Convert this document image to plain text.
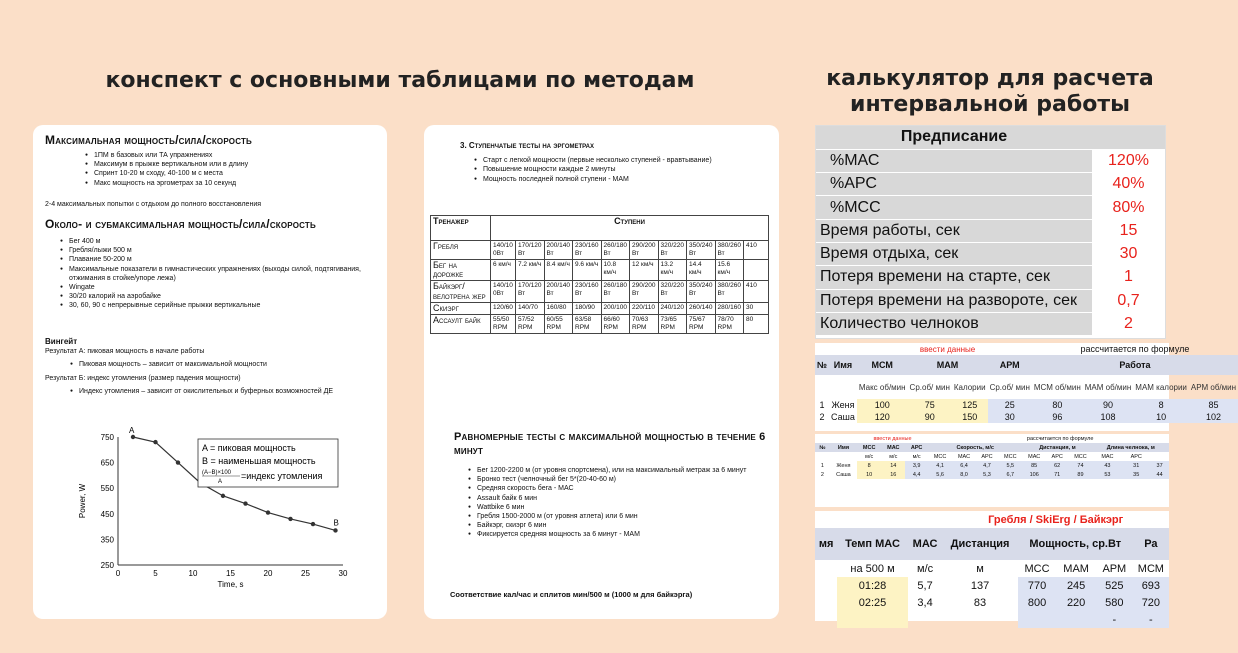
конспект с основными таблицами по методам	калькулятор для расчета интервальной работы
Максимальная мощность/сила/скорость
● 1ПМ в базовых или ТА упражнениях
● Максимум в прыжке вертикальном или в длину
● Спринт 10-20 м сходу, 40-100 м с места
● Макс мощность на эргометрах за 10 секунд

2-4 максимальных попытки с отдыхом до полного восстановления

Около- и субмаксимальная мощность/сила/скорость
● Бег 400 м
● Гребля/лыжи 500 м
● Плавание 50-200 м
● Максимальные показатели в гимнастических упражнениях (выходы силой, подтягивания, отжимания в стойке/упоре лежа)
● Wingate
● 30/20 калорий на аэробайке
● 30, 60, 90 с непрерывные серийные прыжки вертикальные
Вингейт

Результат А: пиковая мощность в начале работы

● Пиковая мощность – зависит от максимальной мощности

Результат Б: индекс утомления (размер падения мощности)

● Индекс утомления – зависит от окислительных и буферных возможностей ДЕ
0	5	10	15	20	25	30
250
350
450
550
650
750
Time, s
Power, W
A
B
A = пиковая мощность
B = наименьшая мощность
(A−B)×100
A
=индекс утомления
3. Ступенчатые тесты на эргометрах
● Старт с легкой мощности (первые несколько ступеней - вравтывание)
● Повышение мощности каждые 2 минуты
● Мощность последней полной ступени - МАМ
Тренажер	Ступени									
Гребля	140/10 0Вт	170/120 Вт	200/140 Вт	230/160 Вт	260/180 Вт	290/200 Вт	320/220 Вт	350/240 Вт	380/260 Вт	410
Бег на дорожке	6 км/ч	7.2 км/ч	8.4 км/ч	9.6 км/ч	10.8 км/ч	12 км/ч	13.2 км/ч	14.4 км/ч	15.6 км/ч	
Байкэрг/ велотрена жер	140/10 0Вт	170/120 Вт	200/140 Вт	230/160 Вт	260/180 Вт	290/200 Вт	320/220 Вт	350/240 Вт	380/260 Вт	410
Скиэрг	120/60	140/70	160/80	180/90	200/100	220/110	240/120	260/140	280/160	30
Ассаулт байк	55/50 RPM	57/52 RPM	60/55 RPM	63/58 RPM	66/60 RPM	70/63 RPM	73/65 RPM	75/67 RPM	78/70 RPM	80
Равномерные тесты с максимальной мощностью в течение 6 минут
● Бег 1200-2200 м (от уровня спортсмена), или на максимальный метраж за 6 минут
● Бронко тест (челночный бег 5*(20-40-60 м)
● Средняя скорость бега - МАС
● Assault байк 6 мин
● Wattbike 6 мин
● Гребля 1500-2000 м (от уровня атлета) или 6 мин
● Байкэрг, скиэрг 6 мин
● Фиксируется средняя мощность за 6 минут - МАМ

Соответствие кал/час и сплитов мин/500 м (1000 м для байкэрга)

Предписание	
%МАС	120%
%АРС	40%
%МСС	80%
Время работы, сек	15
Время отдыха, сек	30
Потеря времени на старте, сек	1
Потеря времени на развороте, сек	0,7
Количество челноков	2
			ввести данные			рассчитается по формуле			
№	Имя	МСМ	МАМ		АРМ	Работа			
		Макс об/мин	Ср.об/ мин	Калории	Ср.об/ мин	МСМ об/мин	МАМ об/мин	МАМ калории	АРМ об/мин
1	Женя	100	75	125	25	80	90	8	85
2	Саша	120	90	150	30	96	108	10	102
		ввести данные						рассчитается по формуле						
№	Имя	МСС	МАС	АРС	Скорость, м/с				Дистанция, м			Длина челнока, м		
		м/с	м/с	м/с	МСС	МАС	АРС	МСС	МАС	АРС	МСС	МАС	АРС	
1	Женя	8	14	3,9	4,1	6,4	4,7	5,5	85	62	74	43	31	37
2	Саша	10	16	4,4	5,6	8,0	5,3	6,7	106	71	89	53	35	44
			Гребля / SkiErg / Байкэрг				
мя	Темп МАС	МАС	Дистанция	Мощность, ср.Вт			Ра
	на 500 м	м/с	м	МСС	МАМ	АРМ	МСМ
	01:28	5,7	137	770	245	525	693
	02:25	3,4	83	800	220	580	720
						-	-
